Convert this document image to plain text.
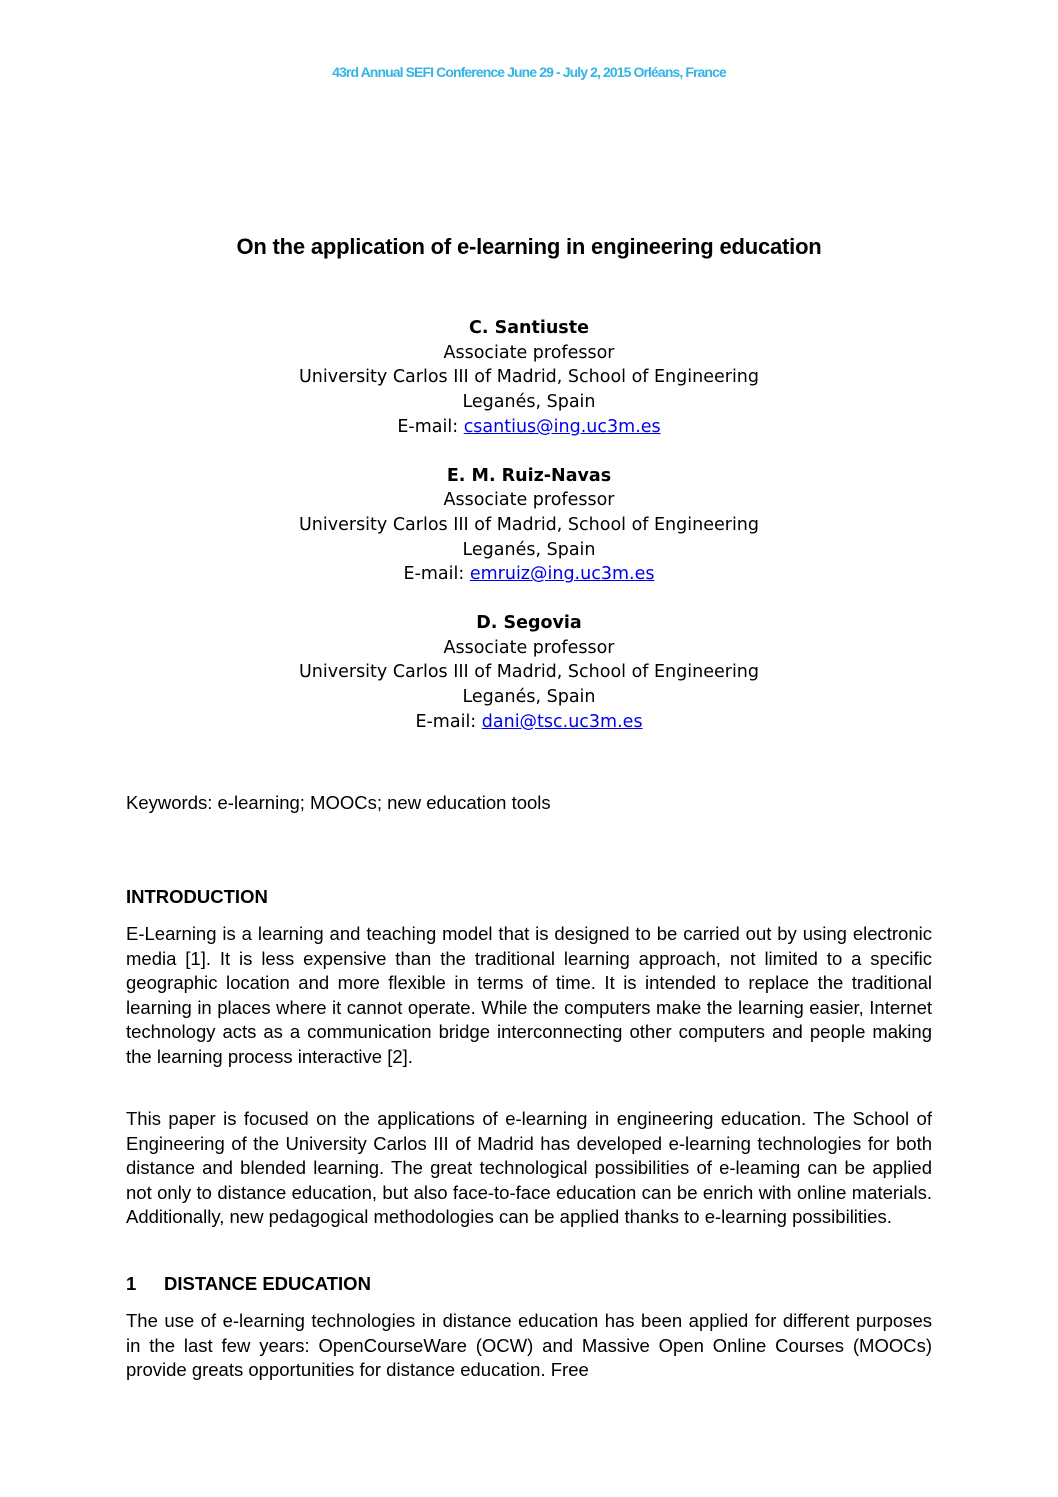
43rd Annual SEFI Conference June 29 - July 2, 2015 Orléans, France
On the application of e-learning in engineering education
C. Santiuste
Associate professor
University Carlos III of Madrid, School of Engineering
Leganés, Spain
E-mail: csantius@ing.uc3m.es
E. M. Ruiz-Navas
Associate professor
University Carlos III of Madrid, School of Engineering
Leganés, Spain
E-mail: emruiz@ing.uc3m.es
D. Segovia
Associate professor
University Carlos III of Madrid, School of Engineering
Leganés, Spain
E-mail: dani@tsc.uc3m.es
Keywords: e-learning; MOOCs; new education tools
INTRODUCTION

E-Learning is a learning and teaching model that is designed to be carried out by using electronic media [1]. It is less expensive than the traditional learning approach, not limited to a specific geographic location and more flexible in terms of time. It is intended to replace the traditional learning in places where it cannot operate. While the computers make the learning easier, Internet technology acts as a communication bridge interconnecting other computers and people making the learning process interactive [2].

This paper is focused on the applications of e-learning in engineering education. The School of Engineering of the University Carlos III of Madrid has developed e-learning technologies for both distance and blended learning. The great technological possibilities of e-leaming can be applied not only to distance education, but also face-to-face education can be enrich with online materials. Additionally, new pedagogical methodologies can be applied thanks to e-learning possibilities.

1 DISTANCE EDUCATION

The use of e-learning technologies in distance education has been applied for different purposes in the last few years: OpenCourseWare (OCW) and Massive Open Online Courses (MOOCs) provide greats opportunities for distance education. Free
